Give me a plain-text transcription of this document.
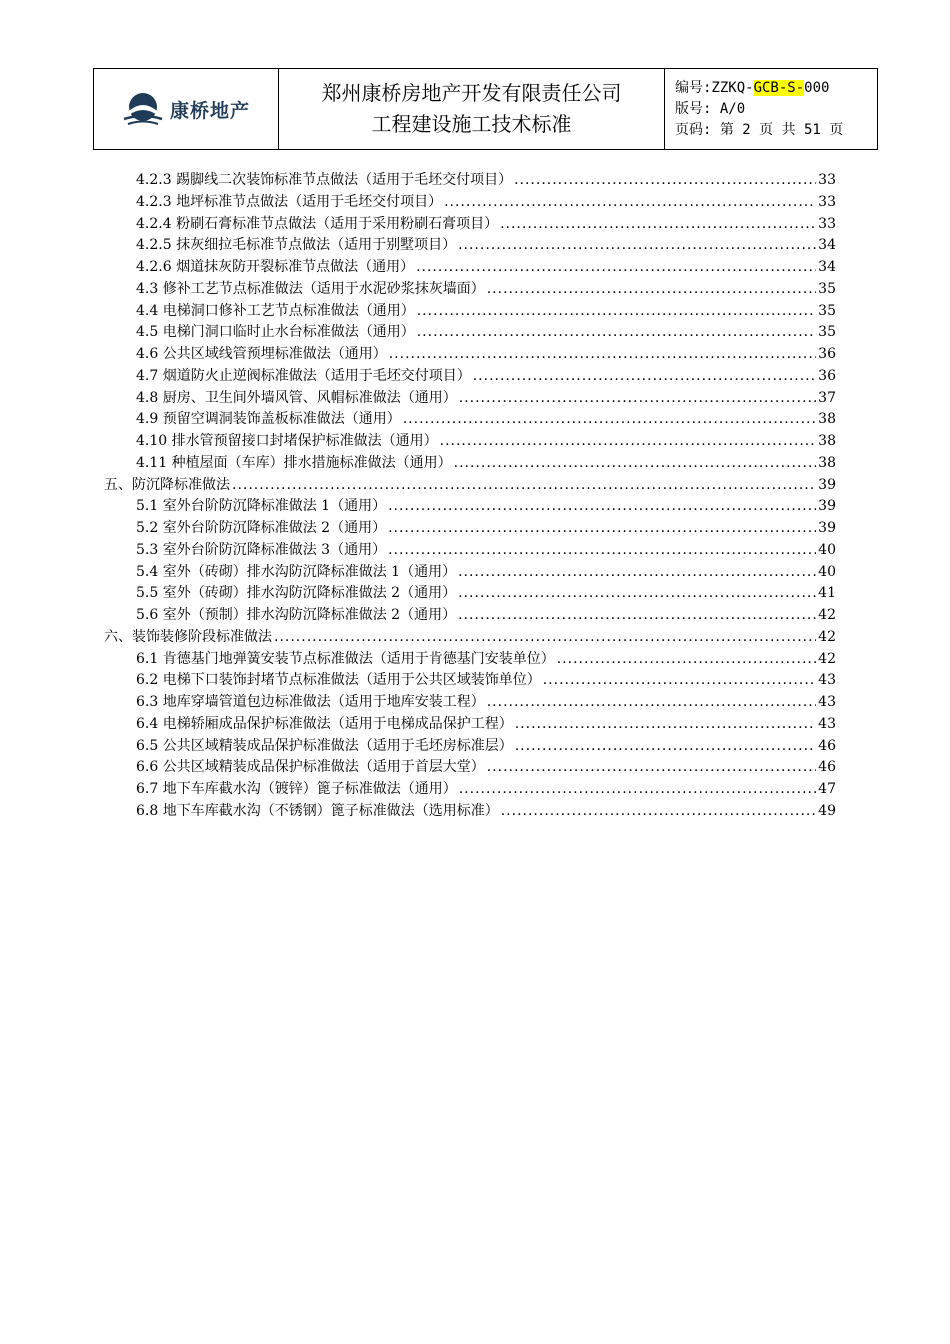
康桥地产
郑州康桥房地产开发有限责任公司
工程建设施工技术标准
编号:ZZKQ-GCB-S-000
版号: A/0
页码: 第 2 页 共 51 页
4.2.3 踢脚线二次装饰标准节点做法（适用于毛坯交付项目） .....	33
4.2.3 地坪标准节点做法（适用于毛坯交付项目） .....	33
4.2.4 粉刷石膏标准节点做法（适用于采用粉刷石膏项目） .....	33
4.2.5 抹灰细拉毛标准节点做法（适用于别墅项目） .....	34
4.2.6 烟道抹灰防开裂标准节点做法（通用） .....	34
4.3 修补工艺节点标准做法（适用于水泥砂浆抹灰墙面） .....	35
4.4 电梯洞口修补工艺节点标准做法（通用） .....	35
4.5 电梯门洞口临时止水台标准做法（通用） .....	35
4.6 公共区域线管预埋标准做法（通用） .....	36
4.7 烟道防火止逆阀标准做法（适用于毛坯交付项目） .....	36
4.8 厨房、卫生间外墙风管、风帽标准做法（通用） .....	37
4.9 预留空调洞装饰盖板标准做法（通用） .....	38
4.10 排水管预留接口封堵保护标准做法（通用） .....	38
4.11 种植屋面（车库）排水措施标准做法（通用） .....	38
五、防沉降标准做法 .....	39
5.1 室外台阶防沉降标准做法 1（通用） .....	39
5.2 室外台阶防沉降标准做法 2（通用） .....	39
5.3 室外台阶防沉降标准做法 3（通用） .....	40
5.4 室外（砖砌）排水沟防沉降标准做法 1（通用） .....	40
5.5 室外（砖砌）排水沟防沉降标准做法 2（通用） .....	41
5.6 室外（预制）排水沟防沉降标准做法 2（通用） .....	42
六、装饰装修阶段标准做法 .....	42
6.1 肯德基门地弹簧安装节点标准做法（适用于肯德基门安装单位） .....	42
6.2 电梯下口装饰封堵节点标准做法（适用于公共区域装饰单位） .....	43
6.3 地库穿墙管道包边标准做法（适用于地库安装工程） .....	43
6.4 电梯轿厢成品保护标准做法（适用于电梯成品保护工程） .....	43
6.5 公共区域精装成品保护标准做法（适用于毛坯房标准层） .....	46
6.6 公共区域精装成品保护标准做法（适用于首层大堂） .....	46
6.7 地下车库截水沟（镀锌）篦子标准做法（通用） .....	47
6.8 地下车库截水沟（不锈钢）篦子标准做法（选用标准） .....	49
